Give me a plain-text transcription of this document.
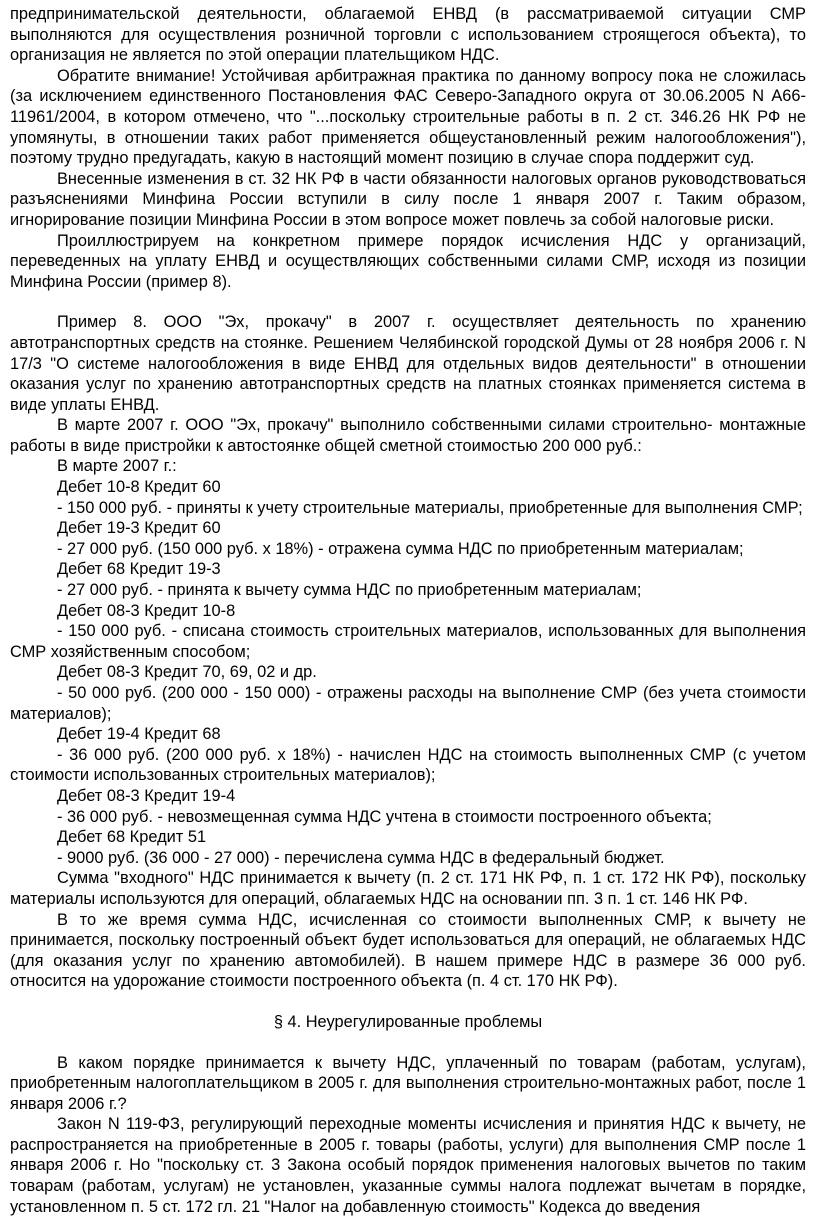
предпринимательской деятельности, облагаемой ЕНВД (в рассматриваемой ситуации СМР выполняются для осуществления розничной торговли с использованием строящегося объекта), то организация не является по этой операции плательщиком НДС.

Обратите внимание! Устойчивая арбитражная практика по данному вопросу пока не сложилась (за исключением единственного Постановления ФАС Северо-Западного округа от 30.06.2005 N А66-11961/2004, в котором отмечено, что "...поскольку строительные работы в п. 2 ст. 346.26 НК РФ не упомянуты, в отношении таких работ применяется общеустановленный режим налогообложения"), поэтому трудно предугадать, какую в настоящий момент позицию в случае спора поддержит суд.

Внесенные изменения в ст. 32 НК РФ в части обязанности налоговых органов руководствоваться разъяснениями Минфина России вступили в силу после 1 января 2007 г. Таким образом, игнорирование позиции Минфина России в этом вопросе может повлечь за собой налоговые риски.

Проиллюстрируем на конкретном примере порядок исчисления НДС у организаций, переведенных на уплату ЕНВД и осуществляющих собственными силами СМР, исходя из позиции Минфина России (пример 8).

Пример 8. ООО "Эх, прокачу" в 2007 г. осуществляет деятельность по хранению автотранспортных средств на стоянке. Решением Челябинской городской Думы от 28 ноября 2006 г. N 17/3 "О системе налогообложения в виде ЕНВД для отдельных видов деятельности" в отношении оказания услуг по хранению автотранспортных средств на платных стоянках применяется система в виде уплаты ЕНВД.

В марте 2007 г. ООО "Эх, прокачу" выполнило собственными силами строительно- монтажные работы в виде пристройки к автостоянке общей сметной стоимостью 200 000 руб.:

В марте 2007 г.:

Дебет 10-8 Кредит 60

- 150 000 руб. - приняты к учету строительные материалы, приобретенные для выполнения СМР;

Дебет 19-3 Кредит 60

- 27 000 руб. (150 000 руб. x 18%) - отражена сумма НДС по приобретенным материалам;

Дебет 68 Кредит 19-3

- 27 000 руб. - принята к вычету сумма НДС по приобретенным материалам;

Дебет 08-3 Кредит 10-8

- 150 000 руб. - списана стоимость строительных материалов, использованных для выполнения СМР хозяйственным способом;

Дебет 08-3 Кредит 70, 69, 02 и др.

- 50 000 руб. (200 000 - 150 000) - отражены расходы на выполнение СМР (без учета стоимости материалов);

Дебет 19-4 Кредит 68

- 36 000 руб. (200 000 руб. x 18%) - начислен НДС на стоимость выполненных СМР (с учетом стоимости использованных строительных материалов);

Дебет 08-3 Кредит 19-4

- 36 000 руб. - невозмещенная сумма НДС учтена в стоимости построенного объекта;

Дебет 68 Кредит 51

- 9000 руб. (36 000 - 27 000) - перечислена сумма НДС в федеральный бюджет.

Сумма "входного" НДС принимается к вычету (п. 2 ст. 171 НК РФ, п. 1 ст. 172 НК РФ), поскольку материалы используются для операций, облагаемых НДС на основании пп. 3 п. 1 ст. 146 НК РФ.

В то же время сумма НДС, исчисленная со стоимости выполненных СМР, к вычету не принимается, поскольку построенный объект будет использоваться для операций, не облагаемых НДС (для оказания услуг по хранению автомобилей). В нашем примере НДС в размере 36 000 руб. относится на удорожание стоимости построенного объекта (п. 4 ст. 170 НК РФ).

§ 4. Неурегулированные проблемы

В каком порядке принимается к вычету НДС, уплаченный по товарам (работам, услугам), приобретенным налогоплательщиком в 2005 г. для выполнения строительно-монтажных работ, после 1 января 2006 г.?

Закон N 119-ФЗ, регулирующий переходные моменты исчисления и принятия НДС к вычету, не распространяется на приобретенные в 2005 г. товары (работы, услуги) для выполнения СМР после 1 января 2006 г. Но "поскольку ст. 3 Закона особый порядок применения налоговых вычетов по таким товарам (работам, услугам) не установлен, указанные суммы налога подлежат вычетам в порядке, установленном п. 5 ст. 172 гл. 21 "Налог на добавленную стоимость" Кодекса до введения
